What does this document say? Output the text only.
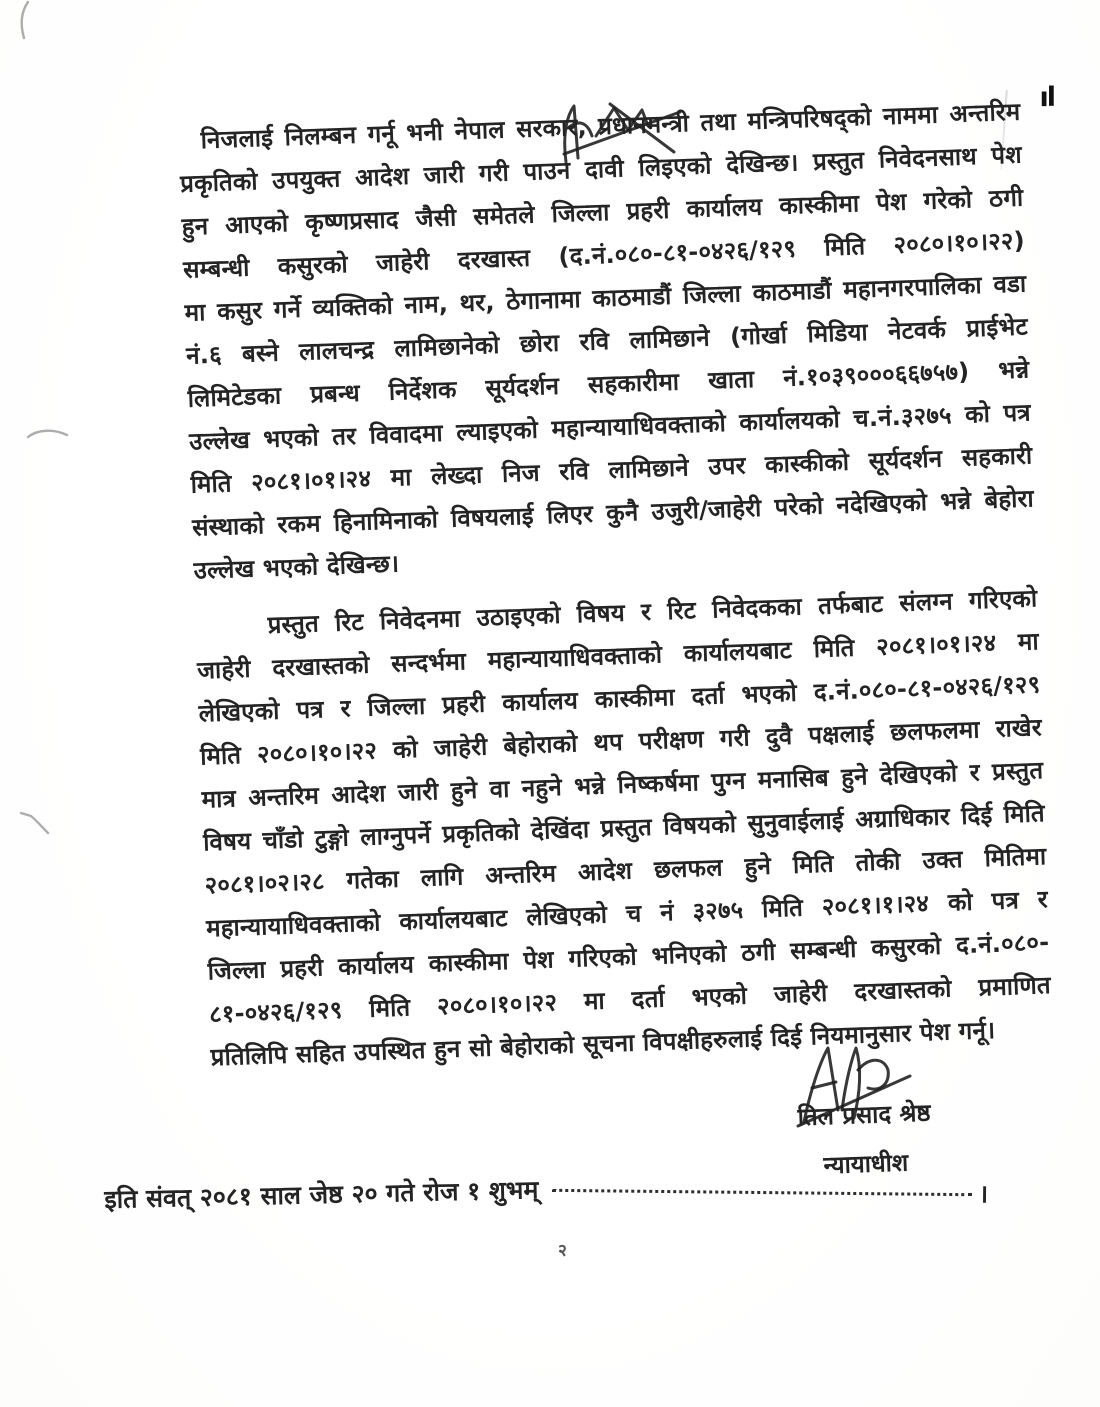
ıl
निजलाई निलम्बन गर्नू भनी नेपाल सरकार, प्रधानमन्त्री तथा मन्त्रिपरिषद्को नाममा अन्तरिम
प्रकृतिको उपयुक्त आदेश जारी गरी पाउन दावी लिइएको देखिन्छ। प्रस्तुत निवेदनसाथ पेश
हुन आएको कृष्णप्रसाद जैसी समेतले जिल्ला प्रहरी कार्यालय कास्कीमा पेश गरेको ठगी
सम्बन्धी कसुरको जाहेरी दरखास्त (द.नं.०८०-८१-०४२६/१२९ मिति २०८०।१०।२२)
मा कसुर गर्ने व्यक्तिको नाम, थर, ठेगानामा काठमाडौं जिल्ला काठमाडौं महानगरपालिका वडा
नं.६ बस्ने लालचन्द्र लामिछानेको छोरा रवि लामिछाने (गोर्खा मिडिया नेटवर्क प्राईभेट
लिमिटेडका प्रबन्ध निर्देशक सूर्यदर्शन सहकारीमा खाता नं.१०३९०००६६७५७) भन्ने
उल्लेख भएको तर विवादमा ल्याइएको महान्यायाधिवक्ताको कार्यालयको च.नं.३२७५ को पत्र
मिति २०८१।०१।२४ मा लेख्दा निज रवि लामिछाने उपर कास्कीको सूर्यदर्शन सहकारी
संस्थाको रकम हिनामिनाको विषयलाई लिएर कुनै उजुरी/जाहेरी परेको नदेखिएको भन्ने बेहोरा
उल्लेख भएको देखिन्छ।
प्रस्तुत रिट निवेदनमा उठाइएको विषय र रिट निवेदकका तर्फबाट संलग्न गरिएको
जाहेरी दरखास्तको सन्दर्भमा महान्यायाधिवक्ताको कार्यालयबाट मिति २०८१।०१।२४ मा
लेखिएको पत्र र जिल्ला प्रहरी कार्यालय कास्कीमा दर्ता भएको द.नं.०८०-८१-०४२६/१२९
मिति २०८०।१०।२२ को जाहेरी बेहोराको थप परीक्षण गरी दुवै पक्षलाई छलफलमा राखेर
मात्र अन्तरिम आदेश जारी हुने वा नहुने भन्ने निष्कर्षमा पुग्न मनासिब हुने देखिएको र प्रस्तुत
विषय चाँडो टुङ्गो लाग्नुपर्ने प्रकृतिको देखिंदा प्रस्तुत विषयको सुनुवाईलाई अग्राधिकार दिई मिति
२०८१।०२।२८ गतेका लागि अन्तरिम आदेश छलफल हुने मिति तोकी उक्त मितिमा
महान्यायाधिवक्ताको कार्यालयबाट लेखिएको च नं ३२७५ मिति २०८१।१।२४ को पत्र र
जिल्ला प्रहरी कार्यालय कास्कीमा पेश गरिएको भनिएको ठगी सम्बन्धी कसुरको द.नं.०८०-
८१-०४२६/१२९ मिति २०८०।१०।२२ मा दर्ता भएको जाहेरी दरखास्तको प्रमाणित
प्रतिलिपि सहित उपस्थित हुन सो बेहोराको सूचना विपक्षीहरुलाई दिई नियमानुसार पेश गर्नू।
तिल प्रसाद श्रेष्ठ
न्यायाधीश
इति संवत् २०८१ साल जेष्ठ २० गते रोज १ शुभम्	।
२
